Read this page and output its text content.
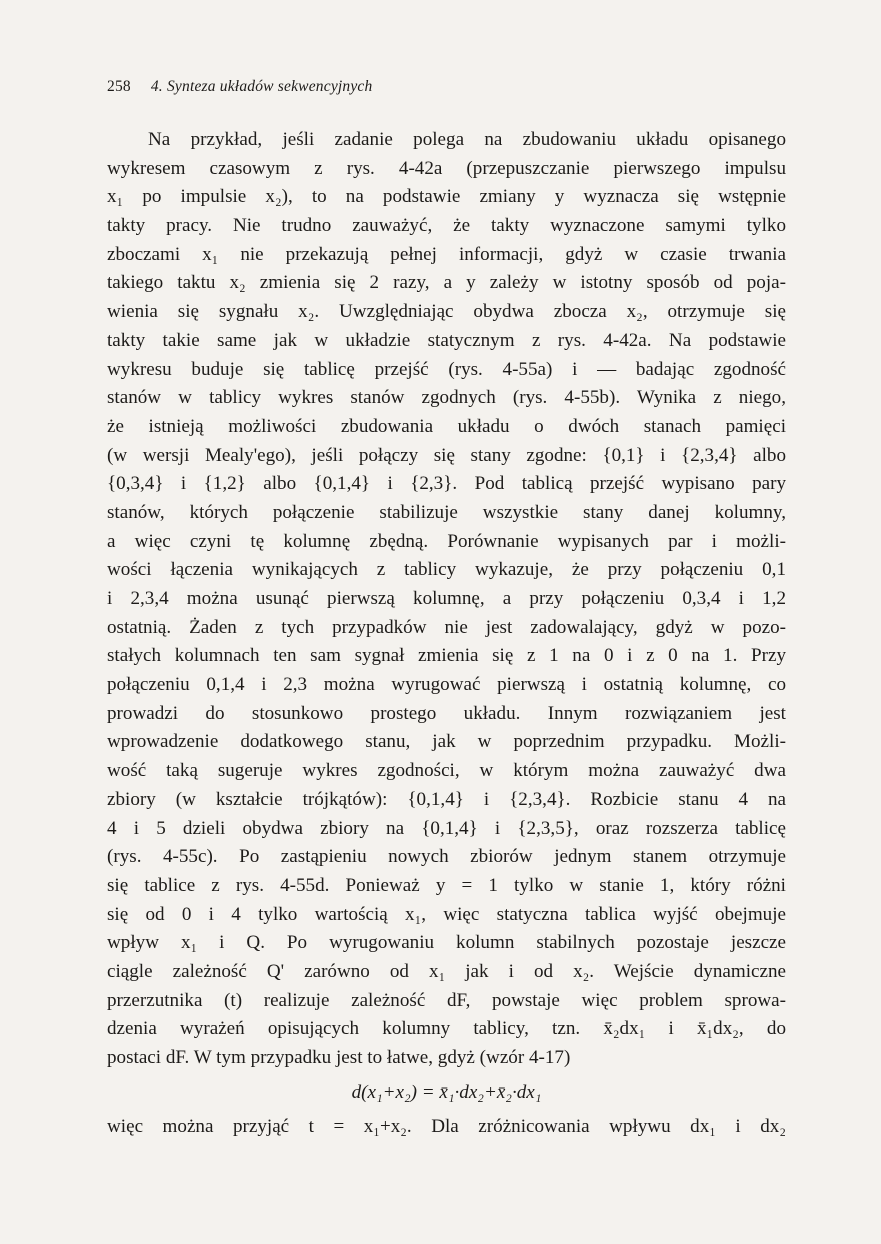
258 4. Synteza układów sekwencyjnych
Na przykład, jeśli zadanie polega na zbudowaniu układu opisanego
wykresem czasowym z rys. 4-42a (przepuszczanie pierwszego impulsu
x₁ po impulsie x₂), to na podstawie zmiany y wyznacza się wstępnie
takty pracy. Nie trudno zauważyć, że takty wyznaczone samymi tylko
zboczami x₁ nie przekazują pełnej informacji, gdyż w czasie trwania
takiego taktu x₂ zmienia się 2 razy, a y zależy w istotny sposób od poja-
wienia się sygnału x₂. Uwzględniając obydwa zbocza x₂, otrzymuje się
takty takie same jak w układzie statycznym z rys. 4-42a. Na podstawie
wykresu buduje się tablicę przejść (rys. 4-55a) i — badając zgodność
stanów w tablicy wykres stanów zgodnych (rys. 4-55b). Wynika z niego,
że istnieją możliwości zbudowania układu o dwóch stanach pamięci
(w wersji Mealy'ego), jeśli połączy się stany zgodne: {0,1} i {2,3,4} albo
{0,3,4} i {1,2} albo {0,1,4} i {2,3}. Pod tablicą przejść wypisano pary
stanów, których połączenie stabilizuje wszystkie stany danej kolumny,
a więc czyni tę kolumnę zbędną. Porównanie wypisanych par i możli-
wości łączenia wynikających z tablicy wykazuje, że przy połączeniu 0,1
i 2,3,4 można usunąć pierwszą kolumnę, a przy połączeniu 0,3,4 i 1,2
ostatnią. Żaden z tych przypadków nie jest zadowalający, gdyż w pozo-
stałych kolumnach ten sam sygnał zmienia się z 1 na 0 i z 0 na 1. Przy
połączeniu 0,1,4 i 2,3 można wyrugować pierwszą i ostatnią kolumnę, co
prowadzi do stosunkowo prostego układu. Innym rozwiązaniem jest
wprowadzenie dodatkowego stanu, jak w poprzednim przypadku. Możli-
wość taką sugeruje wykres zgodności, w którym można zauważyć dwa
zbiory (w kształcie trójkątów): {0,1,4} i {2,3,4}. Rozbicie stanu 4 na
4 i 5 dzieli obydwa zbiory na {0,1,4} i {2,3,5}, oraz rozszerza tablicę
(rys. 4-55c). Po zastąpieniu nowych zbiorów jednym stanem otrzymuje
się tablice z rys. 4-55d. Ponieważ y = 1 tylko w stanie 1, który różni
się od 0 i 4 tylko wartością x₁, więc statyczna tablica wyjść obejmuje
wpływ x₁ i Q. Po wyrugowaniu kolumn stabilnych pozostaje jeszcze
ciągle zależność Q' zarówno od x₁ jak i od x₂. Wejście dynamiczne
przerzutnika (t) realizuje zależność dF, powstaje więc problem sprowa-
dzenia wyrażeń opisujących kolumny tablicy, tzn. x̄₂dx₁ i x̄₁dx₂, do
postaci dF. W tym przypadku jest to łatwe, gdyż (wzór 4-17)
d(x₁+x₂) = x̄₁·dx₂+x̄₂·dx₁
więc można przyjąć t = x₁+x₂. Dla zróżnicowania wpływu dx₁ i dx₂
